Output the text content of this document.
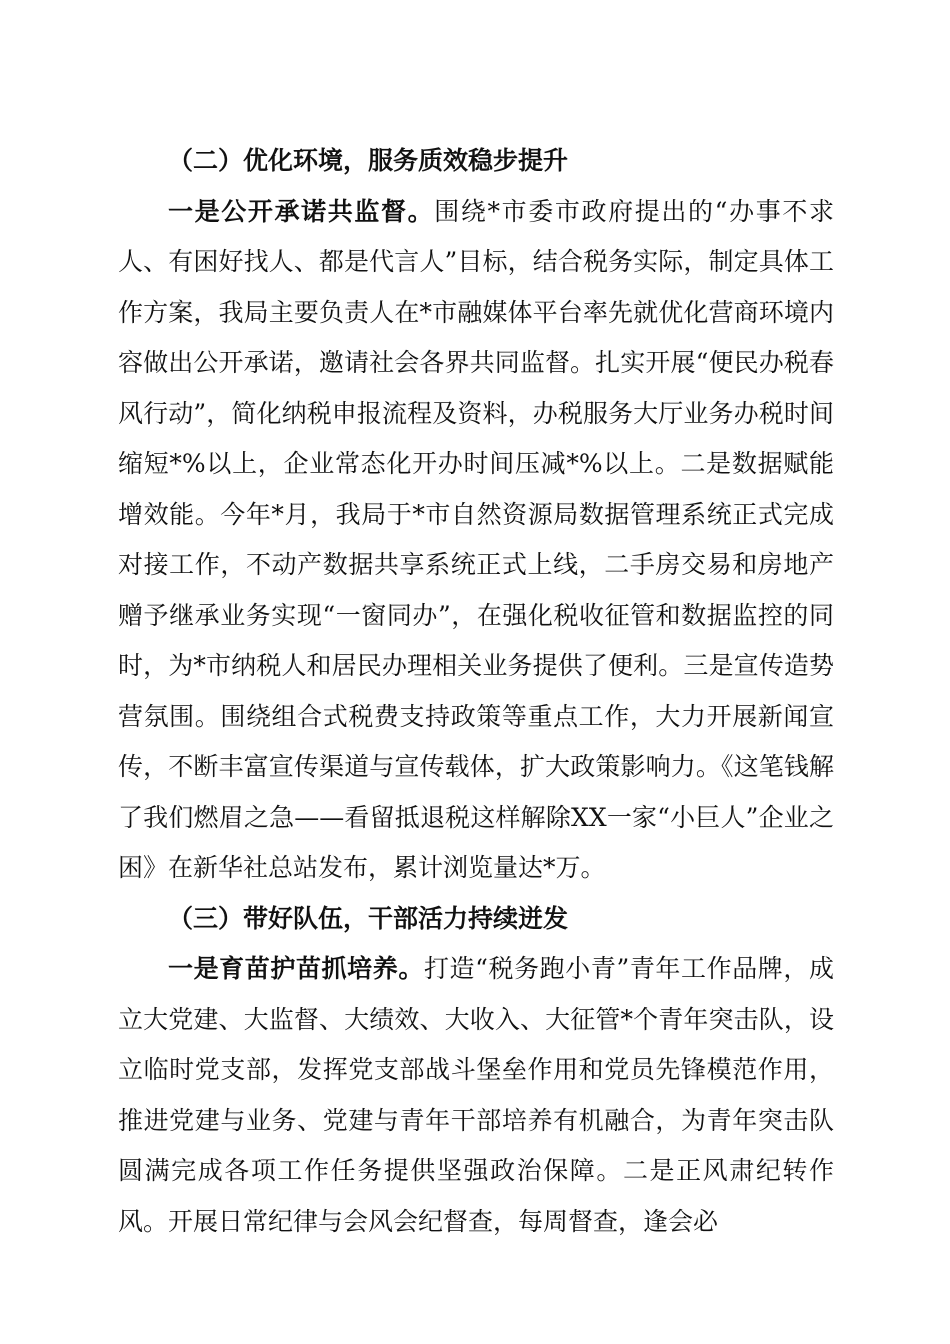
（二）优化环境，服务质效稳步提升

一是公开承诺共监督。围绕*市委市政府提出的“办事不求人、有困好找人、都是代言人”目标，结合税务实际，制定具体工作方案，我局主要负责人在*市融媒体平台率先就优化营商环境内容做出公开承诺，邀请社会各界共同监督。扎实开展“便民办税春风行动”，简化纳税申报流程及资料，办税服务大厅业务办税时间缩短*%以上，企业常态化开办时间压减*%以上。二是数据赋能增效能。今年*月，我局于*市自然资源局数据管理系统正式完成对接工作，不动产数据共享系统正式上线，二手房交易和房地产赠予继承业务实现“一窗同办”，在强化税收征管和数据监控的同时，为*市纳税人和居民办理相关业务提供了便利。三是宣传造势营氛围。围绕组合式税费支持政策等重点工作，大力开展新闻宣传，不断丰富宣传渠道与宣传载体，扩大政策影响力。《这笔钱解了我们燃眉之急——看留抵退税这样解除XX一家“小巨人”企业之困》在新华社总站发布，累计浏览量达*万。

（三）带好队伍，干部活力持续迸发

一是育苗护苗抓培养。打造“税务跑小青”青年工作品牌，成立大党建、大监督、大绩效、大收入、大征管*个青年突击队，设立临时党支部，发挥党支部战斗堡垒作用和党员先锋模范作用，推进党建与业务、党建与青年干部培养有机融合，为青年突击队圆满完成各项工作任务提供坚强政治保障。二是正风肃纪转作风。开展日常纪律与会风会纪督查，每周督查，逢会必
